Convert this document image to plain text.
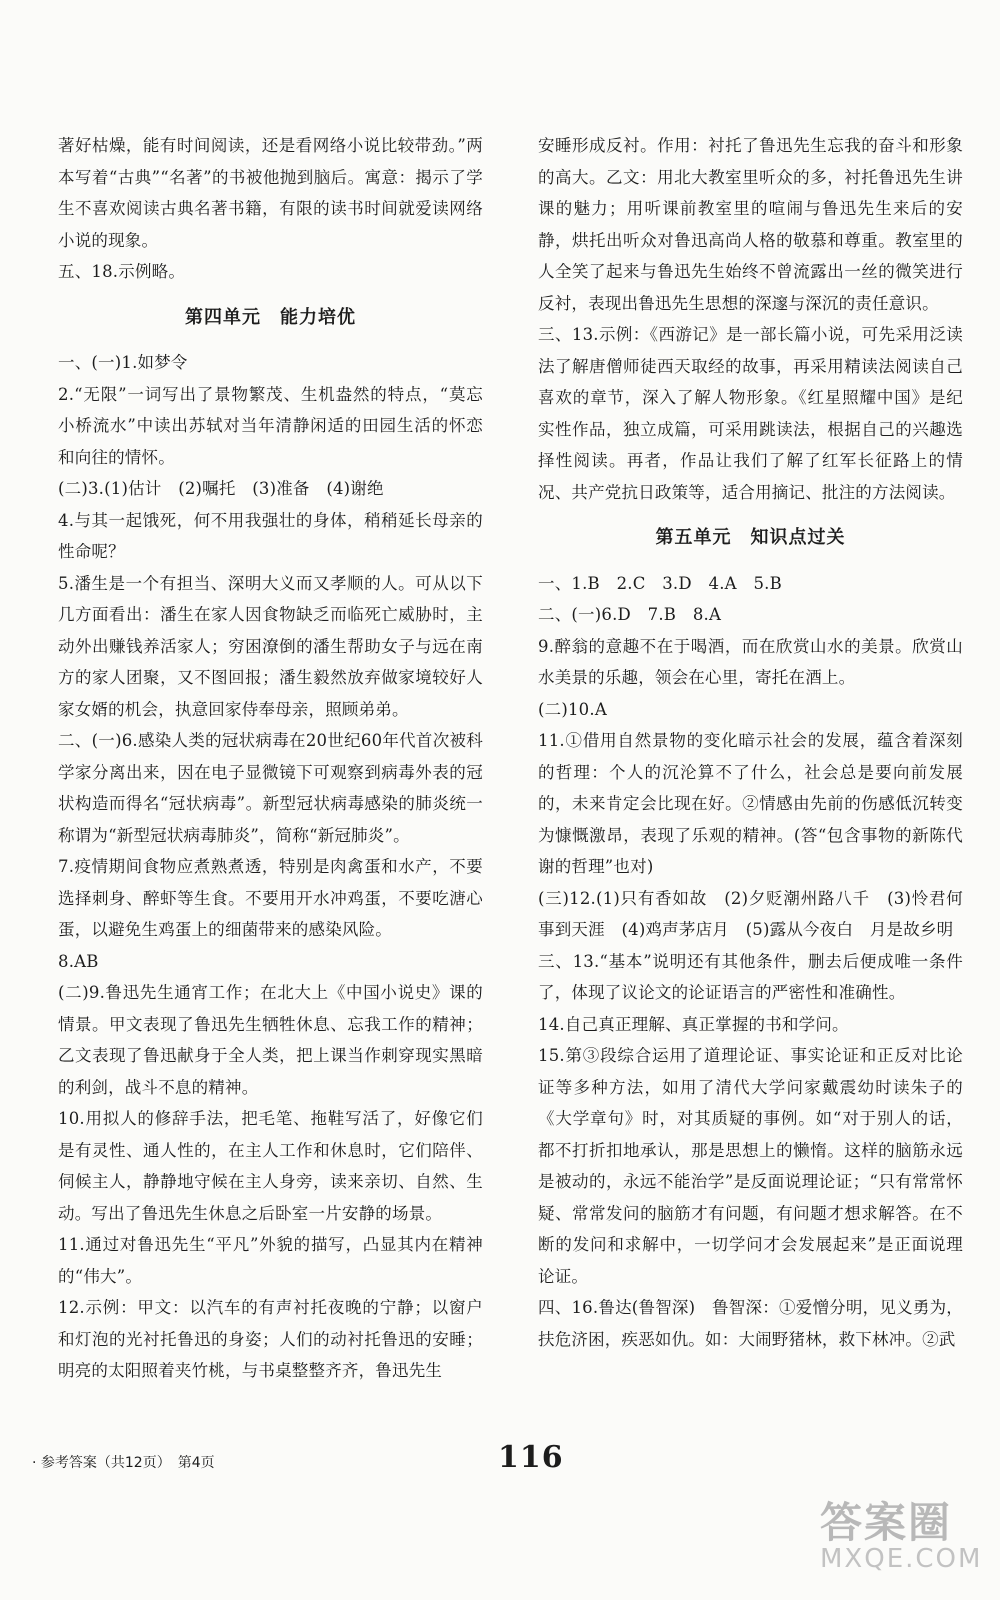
著好枯燥，能有时间阅读，还是看网络小说比较带劲。”两本写着“古典”“名著”的书被他抛到脑后。寓意：揭示了学生不喜欢阅读古典名著书籍，有限的读书时间就爱读网络小说的现象。
五、18.示例略。
第四单元　能力培优
一、(一)1.如梦令
2.“无限”一词写出了景物繁茂、生机盎然的特点，“莫忘小桥流水”中读出苏轼对当年清静闲适的田园生活的怀恋和向往的情怀。
(二)3.(1)估计　(2)嘱托　(3)准备　(4)谢绝
4.与其一起饿死，何不用我强壮的身体，稍稍延长母亲的性命呢？
5.潘生是一个有担当、深明大义而又孝顺的人。可从以下几方面看出：潘生在家人因食物缺乏而临死亡威胁时，主动外出赚钱养活家人；穷困潦倒的潘生帮助女子与远在南方的家人团聚，又不图回报；潘生毅然放弃做家境较好人家女婿的机会，执意回家侍奉母亲，照顾弟弟。
二、(一)6.感染人类的冠状病毒在20世纪60年代首次被科学家分离出来，因在电子显微镜下可观察到病毒外表的冠状构造而得名“冠状病毒”。新型冠状病毒感染的肺炎统一称谓为“新型冠状病毒肺炎”，简称“新冠肺炎”。
7.疫情期间食物应煮熟煮透，特别是肉禽蛋和水产，不要选择刺身、醉虾等生食。不要用开水冲鸡蛋，不要吃溏心蛋，以避免生鸡蛋上的细菌带来的感染风险。
8.AB
(二)9.鲁迅先生通宵工作；在北大上《中国小说史》课的情景。甲文表现了鲁迅先生牺牲休息、忘我工作的精神；乙文表现了鲁迅献身于全人类，把上课当作刺穿现实黑暗的利剑，战斗不息的精神。
10.用拟人的修辞手法，把毛笔、拖鞋写活了，好像它们是有灵性、通人性的，在主人工作和休息时，它们陪伴、伺候主人，静静地守候在主人身旁，读来亲切、自然、生动。写出了鲁迅先生休息之后卧室一片安静的场景。
11.通过对鲁迅先生“平凡”外貌的描写，凸显其内在精神的“伟大”。
12.示例：甲文：以汽车的有声衬托夜晚的宁静；以窗户和灯泡的光衬托鲁迅的身姿；人们的动衬托鲁迅的安睡；明亮的太阳照着夹竹桃，与书桌整整齐齐，鲁迅先生
安睡形成反衬。作用：衬托了鲁迅先生忘我的奋斗和形象的高大。乙文：用北大教室里听众的多，衬托鲁迅先生讲课的魅力；用听课前教室里的喧闹与鲁迅先生来后的安静，烘托出听众对鲁迅高尚人格的敬慕和尊重。教室里的人全笑了起来与鲁迅先生始终不曾流露出一丝的微笑进行反衬，表现出鲁迅先生思想的深邃与深沉的责任意识。
三、13.示例：《西游记》是一部长篇小说，可先采用泛读法了解唐僧师徒西天取经的故事，再采用精读法阅读自己喜欢的章节，深入了解人物形象。《红星照耀中国》是纪实性作品，独立成篇，可采用跳读法，根据自己的兴趣选择性阅读。再者，作品让我们了解了红军长征路上的情况、共产党抗日政策等，适合用摘记、批注的方法阅读。
第五单元　知识点过关
一、1.B　2.C　3.D　4.A　5.B
二、(一)6.D　7.B　8.A
9.醉翁的意趣不在于喝酒，而在欣赏山水的美景。欣赏山水美景的乐趣，领会在心里，寄托在酒上。
(二)10.A
11.①借用自然景物的变化暗示社会的发展，蕴含着深刻的哲理：个人的沉沦算不了什么，社会总是要向前发展的，未来肯定会比现在好。②情感由先前的伤感低沉转变为慷慨激昂，表现了乐观的精神。(答“包含事物的新陈代谢的哲理”也对)
(三)12.(1)只有香如故　(2)夕贬潮州路八千　(3)怜君何事到天涯　(4)鸡声茅店月　(5)露从今夜白　月是故乡明
三、13.“基本”说明还有其他条件，删去后便成唯一条件了，体现了议论文的论证语言的严密性和准确性。
14.自己真正理解、真正掌握的书和学问。
15.第③段综合运用了道理论证、事实论证和正反对比论证等多种方法，如用了清代大学问家戴震幼时读朱子的《大学章句》时，对其质疑的事例。如“对于别人的话，都不打折扣地承认，那是思想上的懒惰。这样的脑筋永远是被动的，永远不能治学”是反面说理论证；“只有常常怀疑、常常发问的脑筋才有问题，有问题才想求解答。在不断的发问和求解中，一切学问才会发展起来”是正面说理论证。
四、16.鲁达(鲁智深)　鲁智深：①爱憎分明，见义勇为，扶危济困，疾恶如仇。如：大闹野猪林，救下林冲。②武
· 参考答案（共12页）　第4页	116
答案圈
MXQE.COM
